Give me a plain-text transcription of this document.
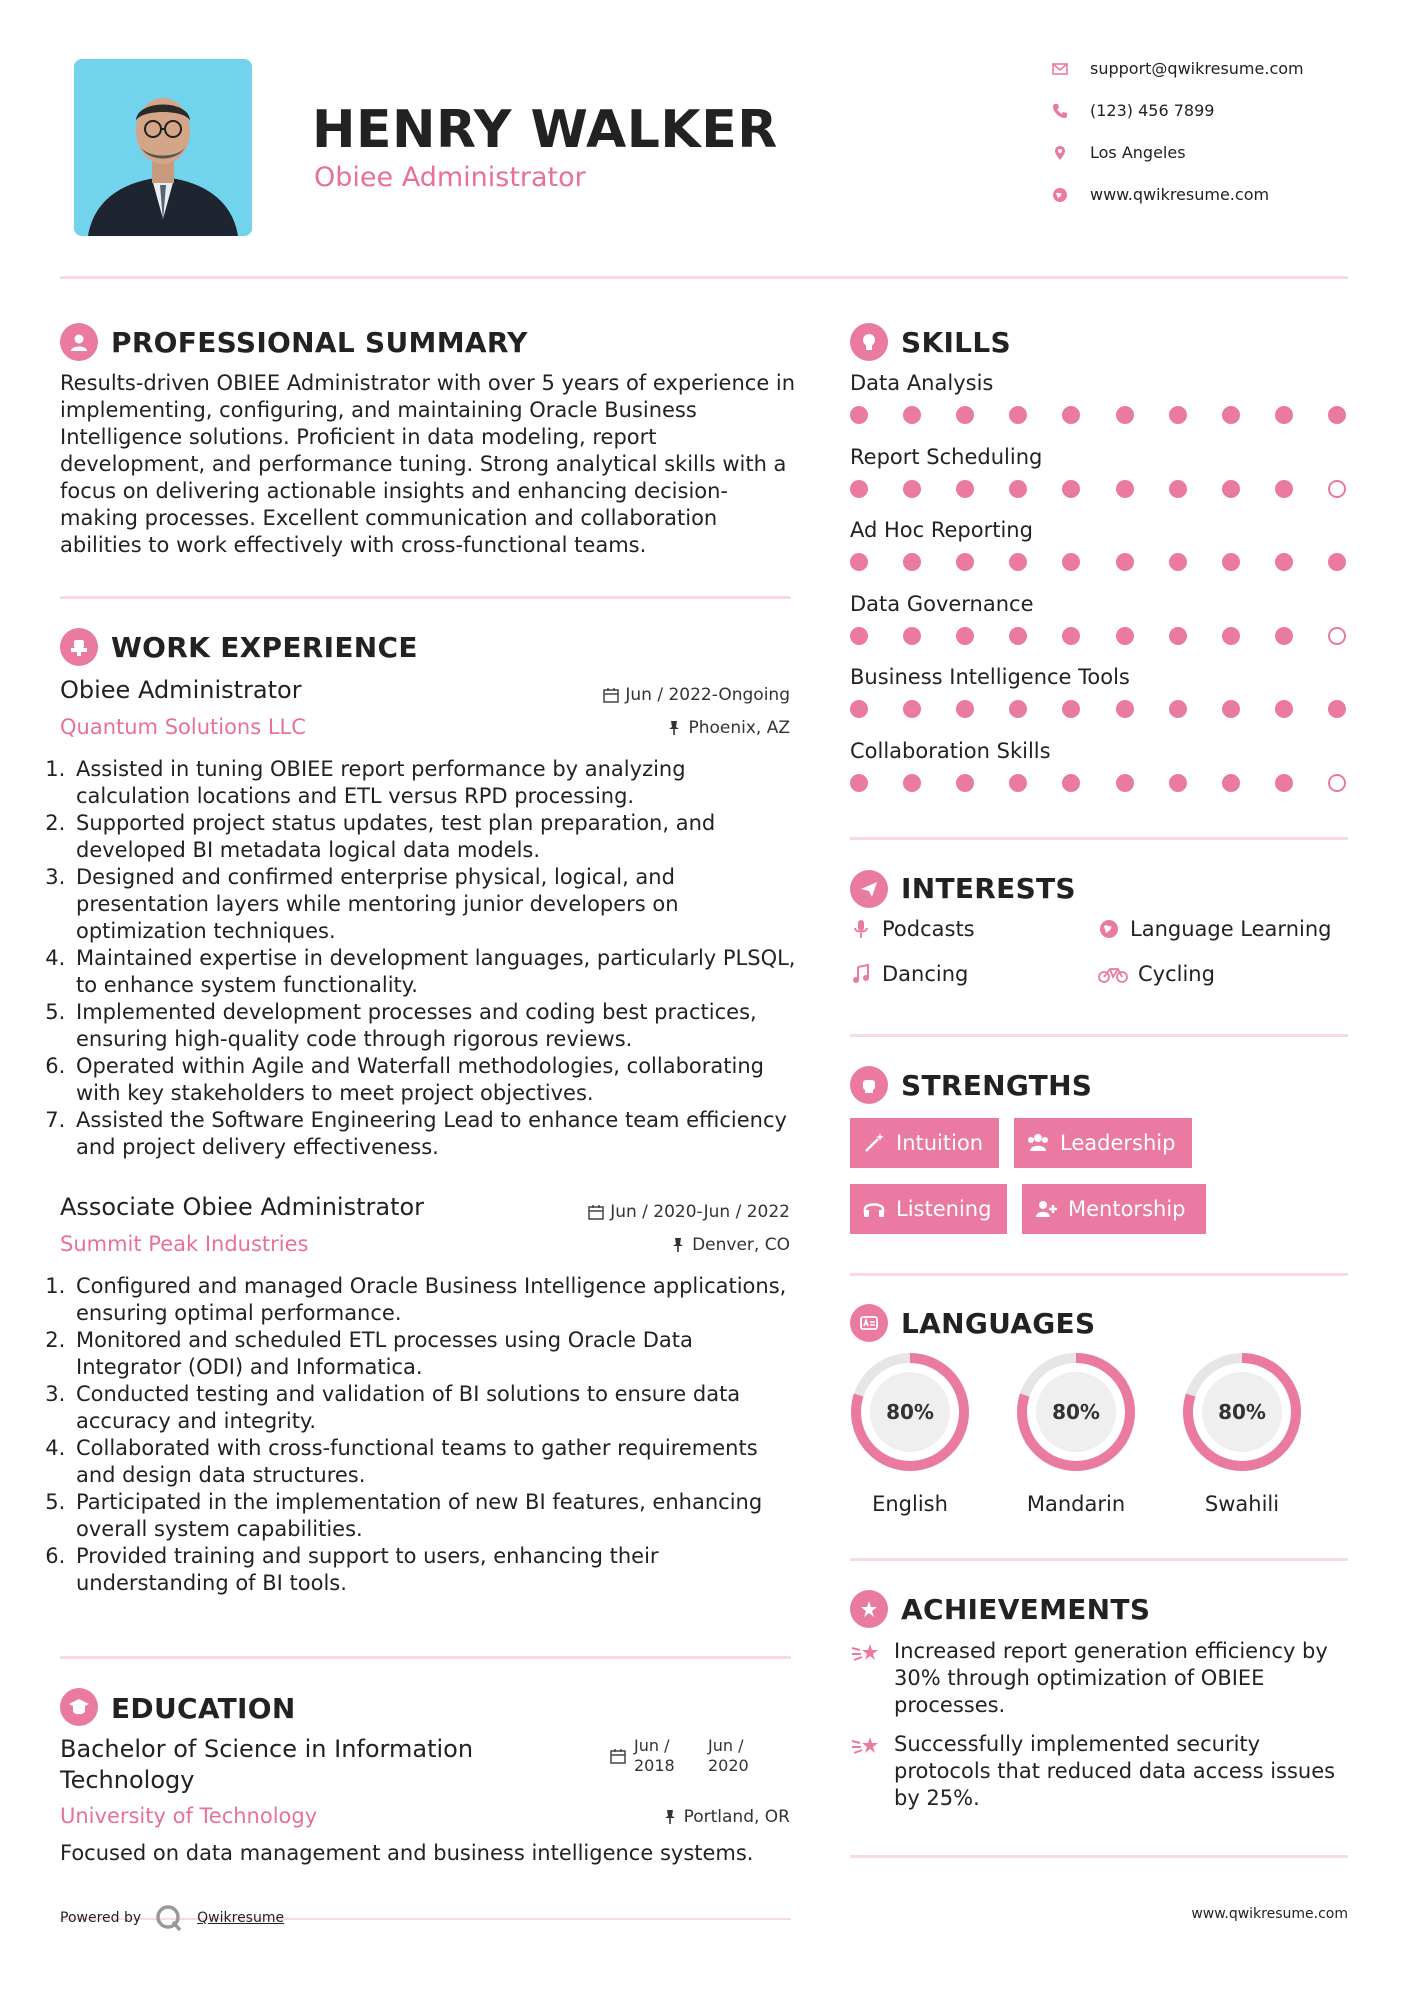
HENRY WALKER
Obiee Administrator
support@qwikresume.com
(123) 456 7899
Los Angeles
www.qwikresume.com
PROFESSIONAL SUMMARY
Results-driven OBIEE Administrator with over 5 years of experience in implementing, configuring, and maintaining Oracle Business Intelligence solutions. Proficient in data modeling, report development, and performance tuning. Strong analytical skills with a focus on delivering actionable insights and enhancing decision-making processes. Excellent communication and collaboration abilities to work effectively with cross-functional teams.
WORK EXPERIENCE
Obiee Administrator
Quantum Solutions LLC
Jun / 2022-Ongoing
Phoenix, AZ
1. Assisted in tuning OBIEE report performance by analyzing calculation locations and ETL versus RPD processing.
2. Supported project status updates, test plan preparation, and developed BI metadata logical data models.
3. Designed and confirmed enterprise physical, logical, and presentation layers while mentoring junior developers on optimization techniques.
4. Maintained expertise in development languages, particularly PLSQL, to enhance system functionality.
5. Implemented development processes and coding best practices, ensuring high-quality code through rigorous reviews.
6. Operated within Agile and Waterfall methodologies, collaborating with key stakeholders to meet project objectives.
7. Assisted the Software Engineering Lead to enhance team efficiency and project delivery effectiveness.
Associate Obiee Administrator
Summit Peak Industries
Jun / 2020-Jun / 2022
Denver, CO
1. Configured and managed Oracle Business Intelligence applications, ensuring optimal performance.
2. Monitored and scheduled ETL processes using Oracle Data Integrator (ODI) and Informatica.
3. Conducted testing and validation of BI solutions to ensure data accuracy and integrity.
4. Collaborated with cross-functional teams to gather requirements and design data structures.
5. Participated in the implementation of new BI features, enhancing overall system capabilities.
6. Provided training and support to users, enhancing their understanding of BI tools.
EDUCATION
Bachelor of Science in Information Technology
University of Technology
Jun / 2018
Jun / 2020
Portland, OR
Focused on data management and business intelligence systems.
Powered by	Qwikresume	www.qwikresume.com
SKILLS
Data Analysis
Report Scheduling
Ad Hoc Reporting
Data Governance
Business Intelligence Tools
Collaboration Skills
INTERESTS
Podcasts	Language Learning
Dancing	Cycling
STRENGTHS
Intuition	Leadership
Listening	Mentorship
LANGUAGES
80%
English
80%
Mandarin
80%
Swahili
ACHIEVEMENTS
Increased report generation efficiency by 30% through optimization of OBIEE processes.
Successfully implemented security protocols that reduced data access issues by 25%.
